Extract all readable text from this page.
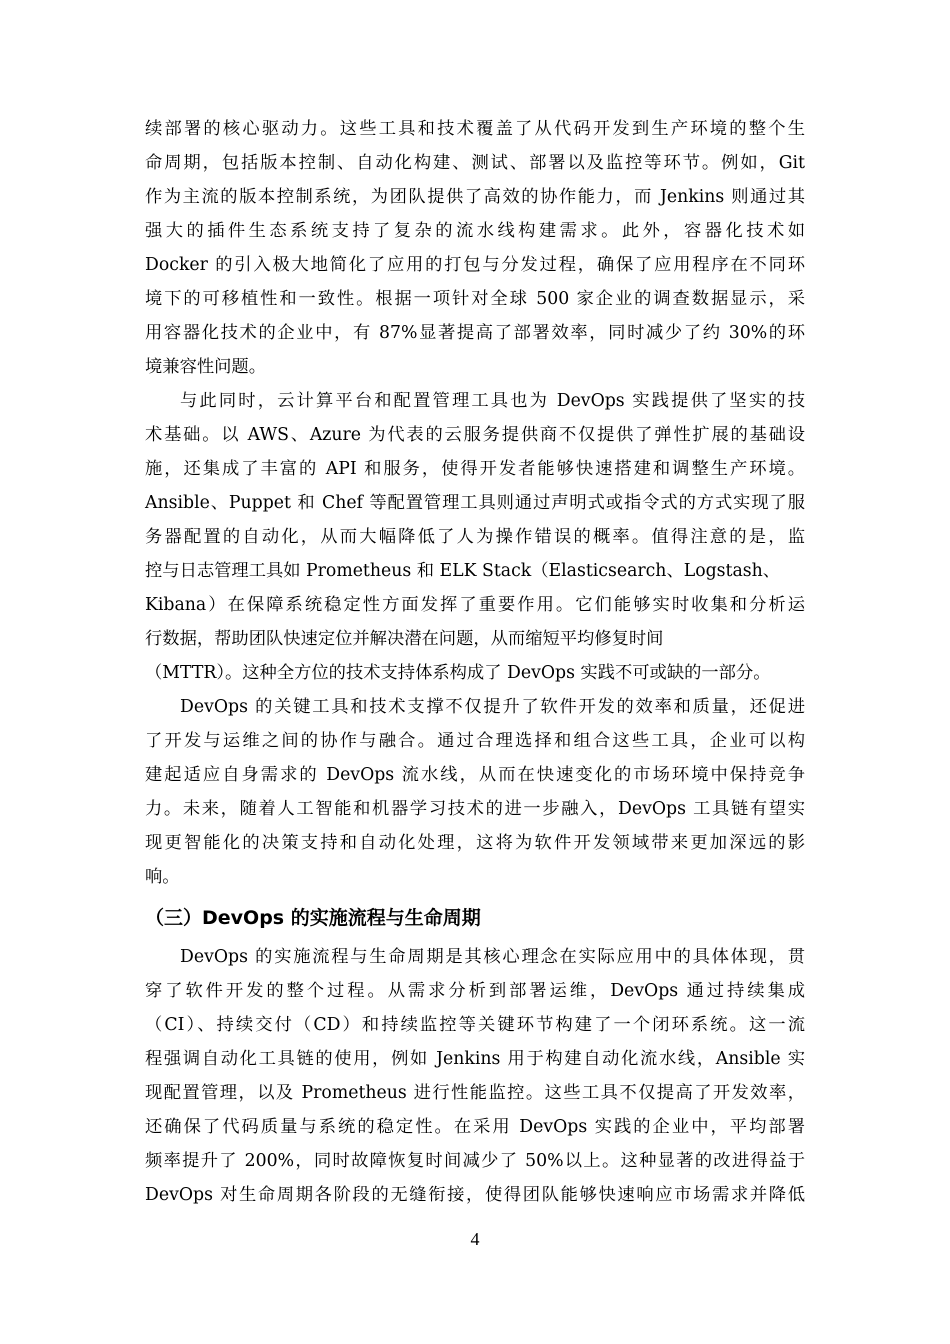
续部署的核心驱动力。这些工具和技术覆盖了从代码开发到生产环境的整个生
命周期，包括版本控制、自动化构建、测试、部署以及监控等环节。例如，Git
作为主流的版本控制系统，为团队提供了高效的协作能力，而 Jenkins 则通过其
强大的插件生态系统支持了复杂的流水线构建需求。此外，容器化技术如
Docker 的引入极大地简化了应用的打包与分发过程，确保了应用程序在不同环
境下的可移植性和一致性。根据一项针对全球 500 家企业的调查数据显示，采
用容器化技术的企业中，有 87%显著提高了部署效率，同时减少了约 30%的环
境兼容性问题。
与此同时，云计算平台和配置管理工具也为 DevOps 实践提供了坚实的技
术基础。以 AWS、Azure 为代表的云服务提供商不仅提供了弹性扩展的基础设
施，还集成了丰富的 API 和服务，使得开发者能够快速搭建和调整生产环境。
Ansible、Puppet 和 Chef 等配置管理工具则通过声明式或指令式的方式实现了服
务器配置的自动化，从而大幅降低了人为操作错误的概率。值得注意的是，监
控与日志管理工具如 Prometheus 和 ELK Stack（Elasticsearch、Logstash、
Kibana）在保障系统稳定性方面发挥了重要作用。它们能够实时收集和分析运
行数据，帮助团队快速定位并解决潜在问题，从而缩短平均修复时间
（MTTR）。这种全方位的技术支持体系构成了 DevOps 实践不可或缺的一部分。
DevOps 的关键工具和技术支撑不仅提升了软件开发的效率和质量，还促进
了开发与运维之间的协作与融合。通过合理选择和组合这些工具，企业可以构
建起适应自身需求的 DevOps 流水线，从而在快速变化的市场环境中保持竞争
力。未来，随着人工智能和机器学习技术的进一步融入，DevOps 工具链有望实
现更智能化的决策支持和自动化处理，这将为软件开发领域带来更加深远的影
响。
（三）DevOps 的实施流程与生命周期
DevOps 的实施流程与生命周期是其核心理念在实际应用中的具体体现，贯
穿了软件开发的整个过程。从需求分析到部署运维，DevOps 通过持续集成
（CI）、持续交付（CD）和持续监控等关键环节构建了一个闭环系统。这一流
程强调自动化工具链的使用，例如 Jenkins 用于构建自动化流水线，Ansible 实
现配置管理，以及 Prometheus 进行性能监控。这些工具不仅提高了开发效率，
还确保了代码质量与系统的稳定性。在采用 DevOps 实践的企业中，平均部署
频率提升了 200%，同时故障恢复时间减少了 50%以上。这种显著的改进得益于
DevOps 对生命周期各阶段的无缝衔接，使得团队能够快速响应市场需求并降低
4
